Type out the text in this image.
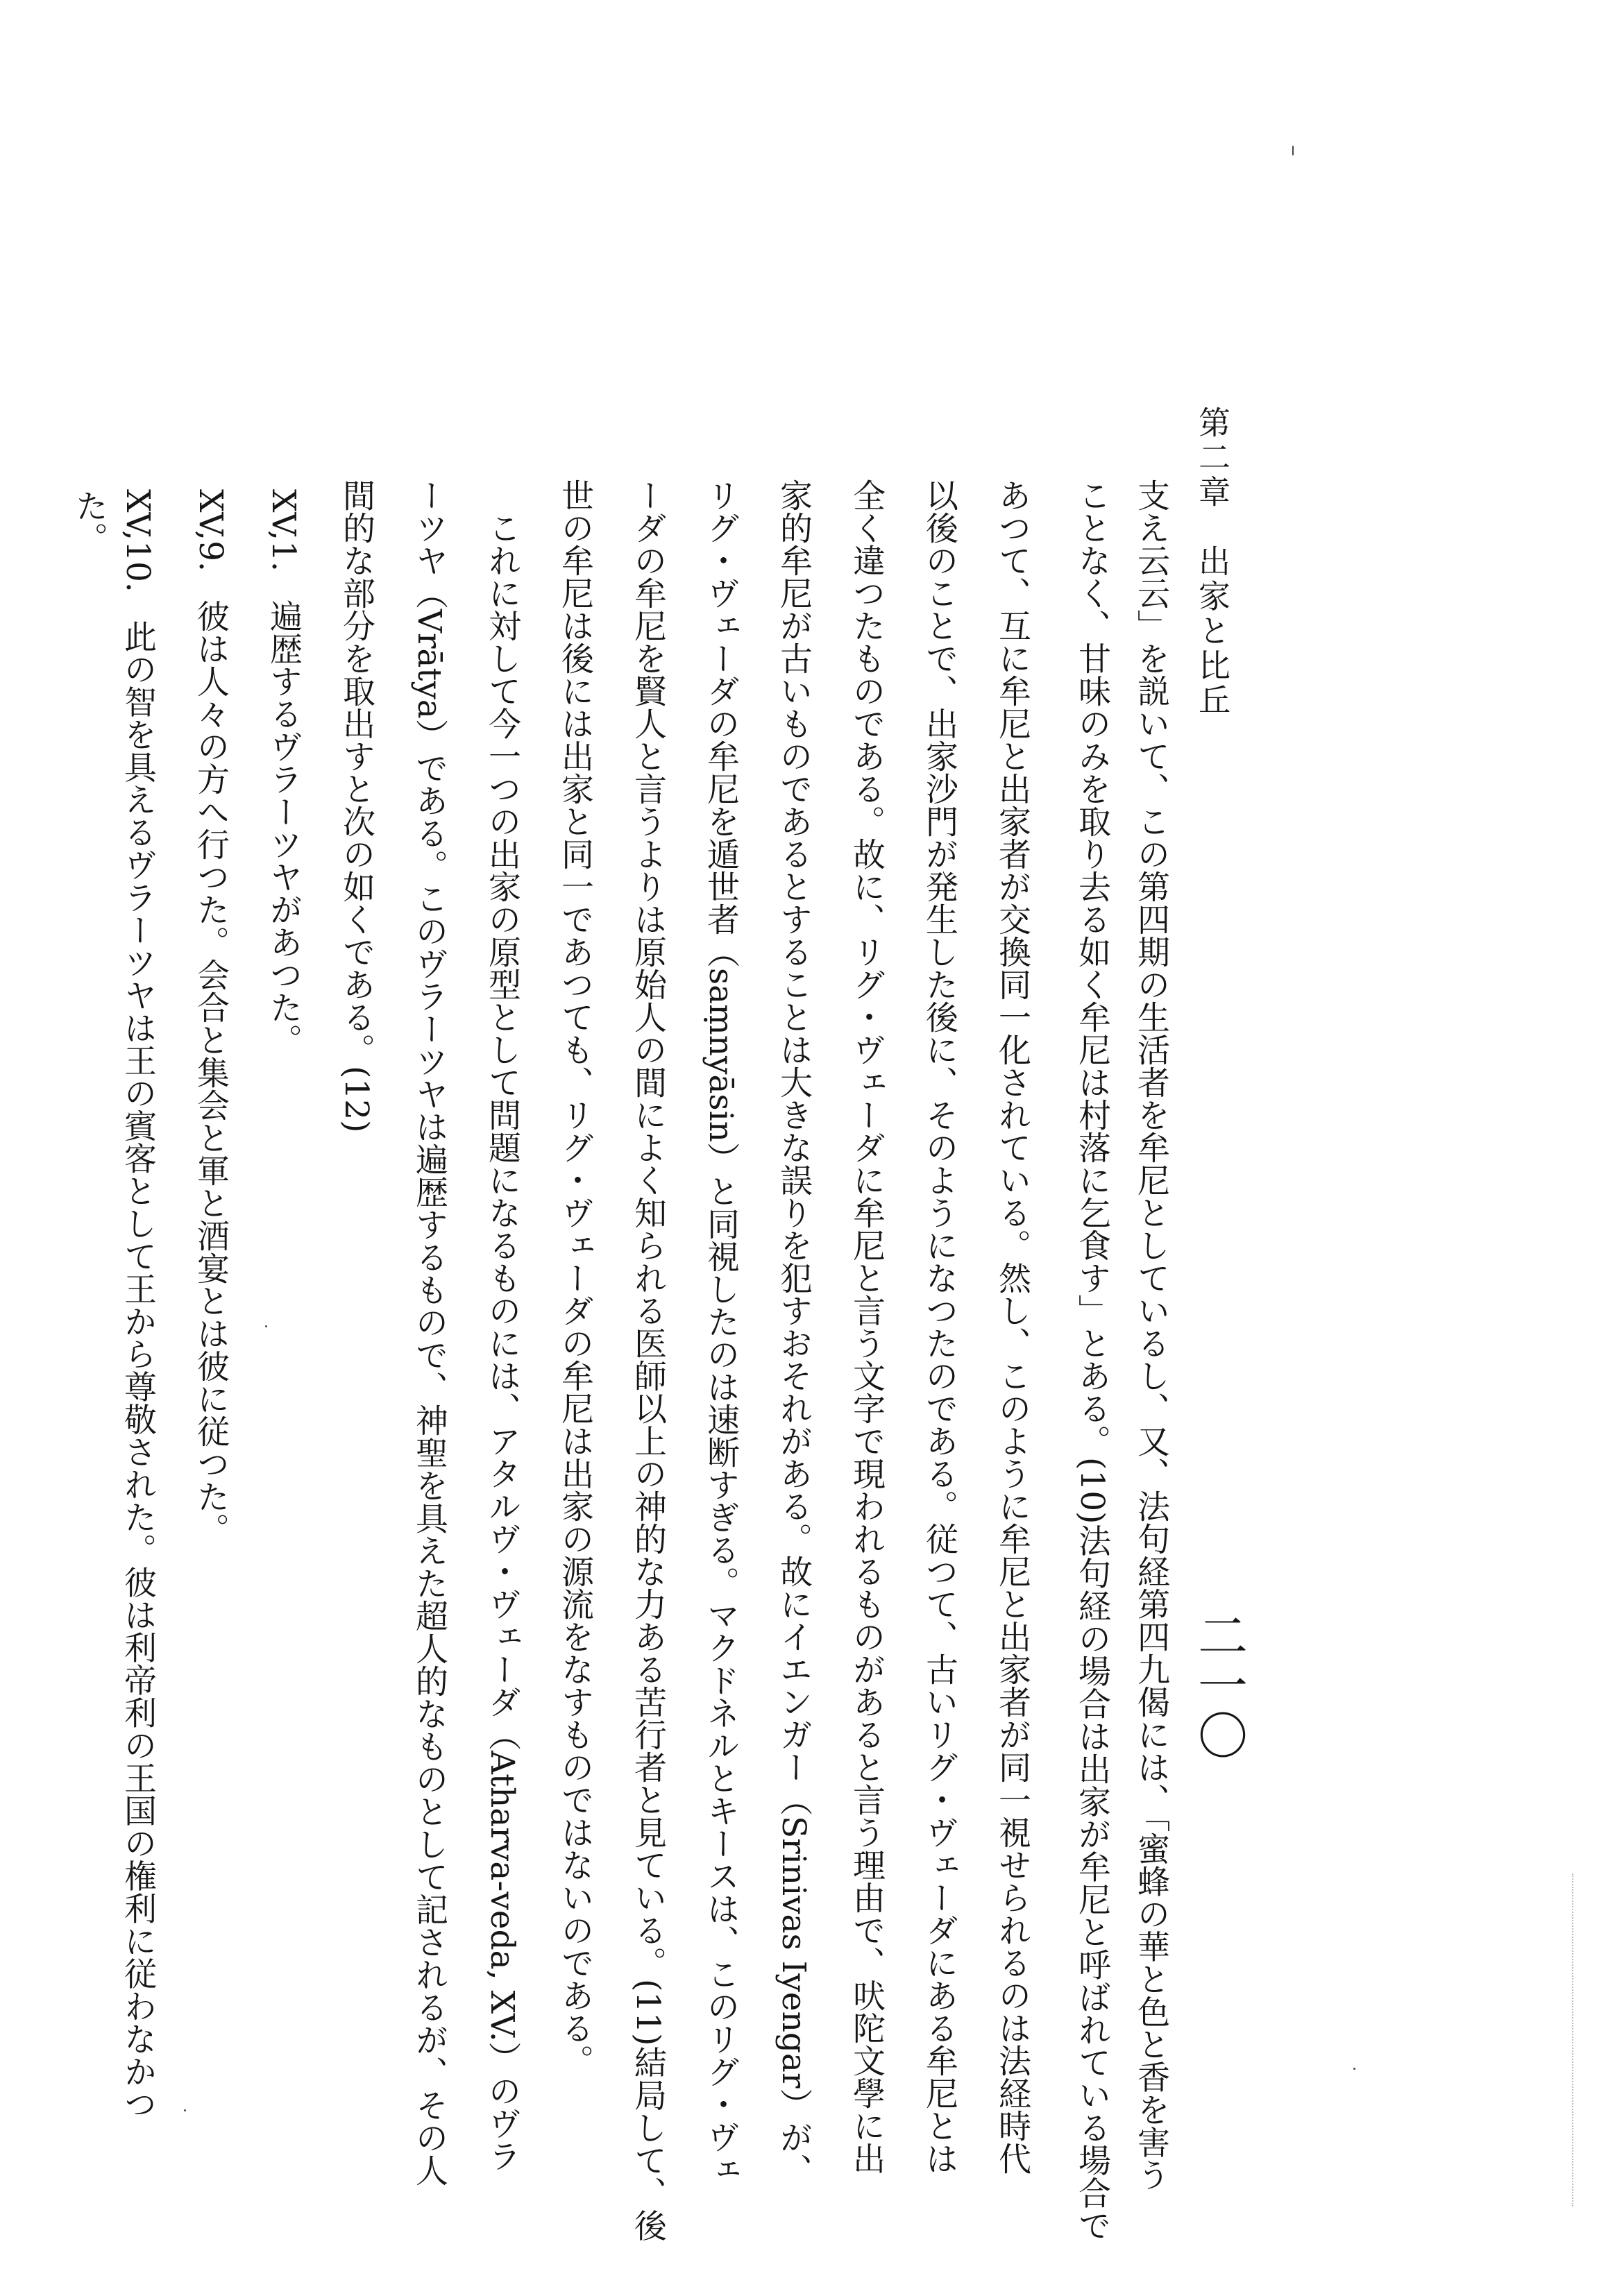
第二章　出家と比丘
二一〇
支え云云」を説いて、この第四期の生活者を牟尼としているし、又、法句経第四九偈には、「蜜蜂の華と色と香を害う
ことなく、甘味のみを取り去る如く牟尼は村落に乞食す」とある。(10)法句経の場合は出家が牟尼と呼ばれている場合で
あつて、互に牟尼と出家者が交換同一化されている。然し、このように牟尼と出家者が同一視せられるのは法経時代
以後のことで、出家沙門が発生した後に、そのようになつたのである。従つて、古いリグ・ヴェーダにある牟尼とは
全く違つたものである。故に、リグ・ヴェーダに牟尼と言う文字で現われるものがあると言う理由で、吠陀文學に出
家的牟尼が古いものであるとすることは大きな誤りを犯すおそれがある。故にイエンガー（Srinivas Iyengar）が、
リグ・ヴェーダの牟尼を遁世者（saṃnyāsin）と同視したのは速断すぎる。マクドネルとキースは、このリグ・ヴェ
ーダの牟尼を賢人と言うよりは原始人の間によく知られる医師以上の神的な力ある苦行者と見ている。(11)結局して、後
世の牟尼は後には出家と同一であつても、リグ・ヴェーダの牟尼は出家の源流をなすものではないのである。
　これに対して今一つの出家の原型として問題になるものには、アタルヴ・ヴェーダ（Atharva-veda, XV.）のヴラ
ーツヤ（Vrātya）である。このヴラーツヤは遍歴するもので、神聖を具えた超人的なものとして記されるが、その人
間的な部分を取出すと次の如くである。(12)
XV,1.遍歴するヴラーツヤがあつた。
XV,9.彼は人々の方へ行つた。会合と集会と軍と酒宴とは彼に従つた。
XV,10.此の智を具えるヴラーツヤは王の賓客として王から尊敬された。彼は利帝利の王国の権利に従わなかつ
た。
